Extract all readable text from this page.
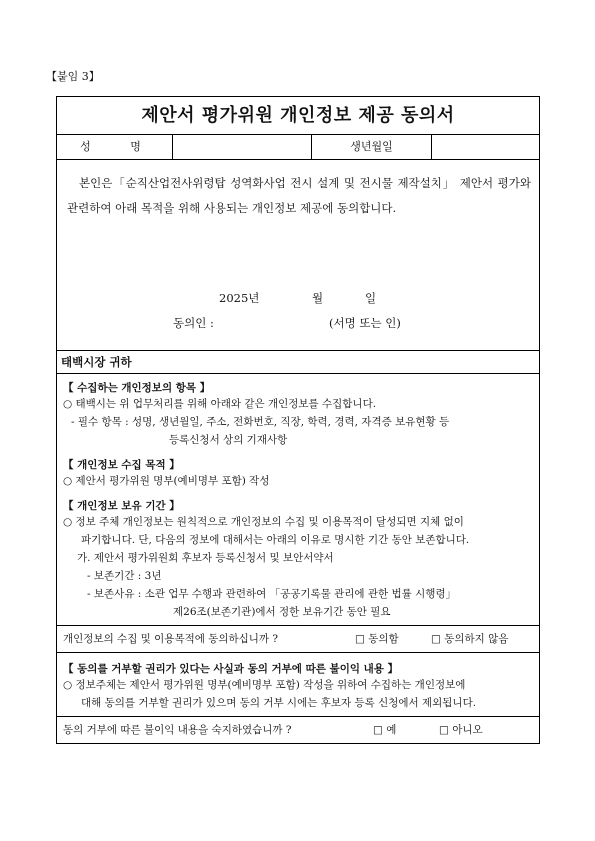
【붙임 3】
제안서 평가위원 개인정보 제공 동의서
성 명	생년월일
본인은「순직산업전사위령탑 성역화사업 전시 설계 및 전시물 제작설치」 제안서 평가와 관련하여 아래 목적을 위해 사용되는 개인정보 제공에 동의합니다.
2025년	월	일
동의인 :	(서명 또는 인)
태백시장 귀하
【 수집하는 개인정보의 항목 】
○ 태백시는 위 업무처리를 위해 아래와 같은 개인정보를 수집합니다.
- 필수 항목 : 성명, 생년월일, 주소, 전화번호, 직장, 학력, 경력, 자격증 보유현황 등
등록신청서 상의 기재사항
【 개인정보 수집 목적 】
○ 제안서 평가위원 명부(예비명부 포함) 작성
【 개인정보 보유 기간 】
○ 정보 주체 개인정보는 원칙적으로 개인정보의 수집 및 이용목적이 달성되면 지체 없이
파기합니다. 단, 다음의 정보에 대해서는 아래의 이유로 명시한 기간 동안 보존합니다.
가. 제안서 평가위원회 후보자 등록신청서 및 보안서약서
- 보존기간 : 3년
- 보존사유 : 소관 업무 수행과 관련하여 「공공기록물 관리에 관한 법률 시행령」
제26조(보존기관)에서 정한 보유기간 동안 필요
개인정보의 수집 및 이용목적에 동의하십니까 ?	□ 동의함	□ 동의하지 않음
【 동의를 거부할 권리가 있다는 사실과 동의 거부에 따른 불이익 내용 】
○ 정보주체는 제안서 평가위원 명부(예비명부 포함) 작성을 위하여 수집하는 개인정보에
대해 동의를 거부할 권리가 있으며 동의 거부 시에는 후보자 등록 신청에서 제외됩니다.
동의 거부에 따른 불이익 내용을 숙지하였습니까 ?	□ 예	□ 아니오
